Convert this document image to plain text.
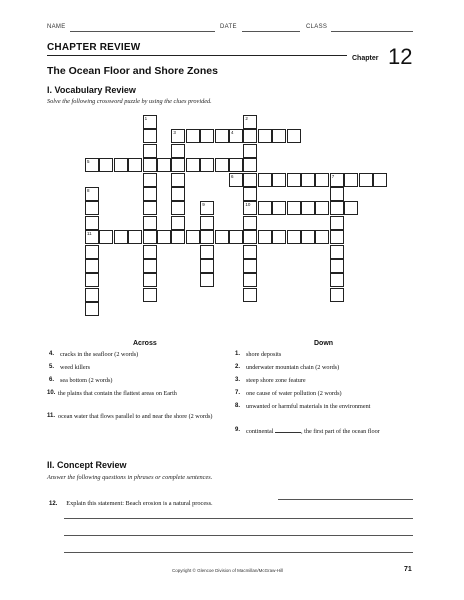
NAME	DATE	CLASS
CHAPTER REVIEW
Chapter 12
The Ocean Floor and Shore Zones
I. Vocabulary Review
Solve the following crossword puzzle by using the clues provided.
4
5
6	7
10
11
1	2
3
8
9
Across	Down
4. cracks in the seafloor (2 words)
5. weed killers
6. sea bottom (2 words)
10. the plains that contain the flattest areas on Earth
11. ocean water that flows parallel to and near the shore (2 words)
1. shore deposits
2. underwater mountain chain (2 words)
3. steep shore zone feature
7. one cause of water pollution (2 words)
8. unwanted or harmful materials in the environment
9. continental	, the first part of the ocean floor
II. Concept Review
Answer the following questions in phrases or complete sentences.
12. Explain this statement: Beach erosion is a natural process.
Copyright © Glencoe Division of Macmillan/McGraw-Hill	71
